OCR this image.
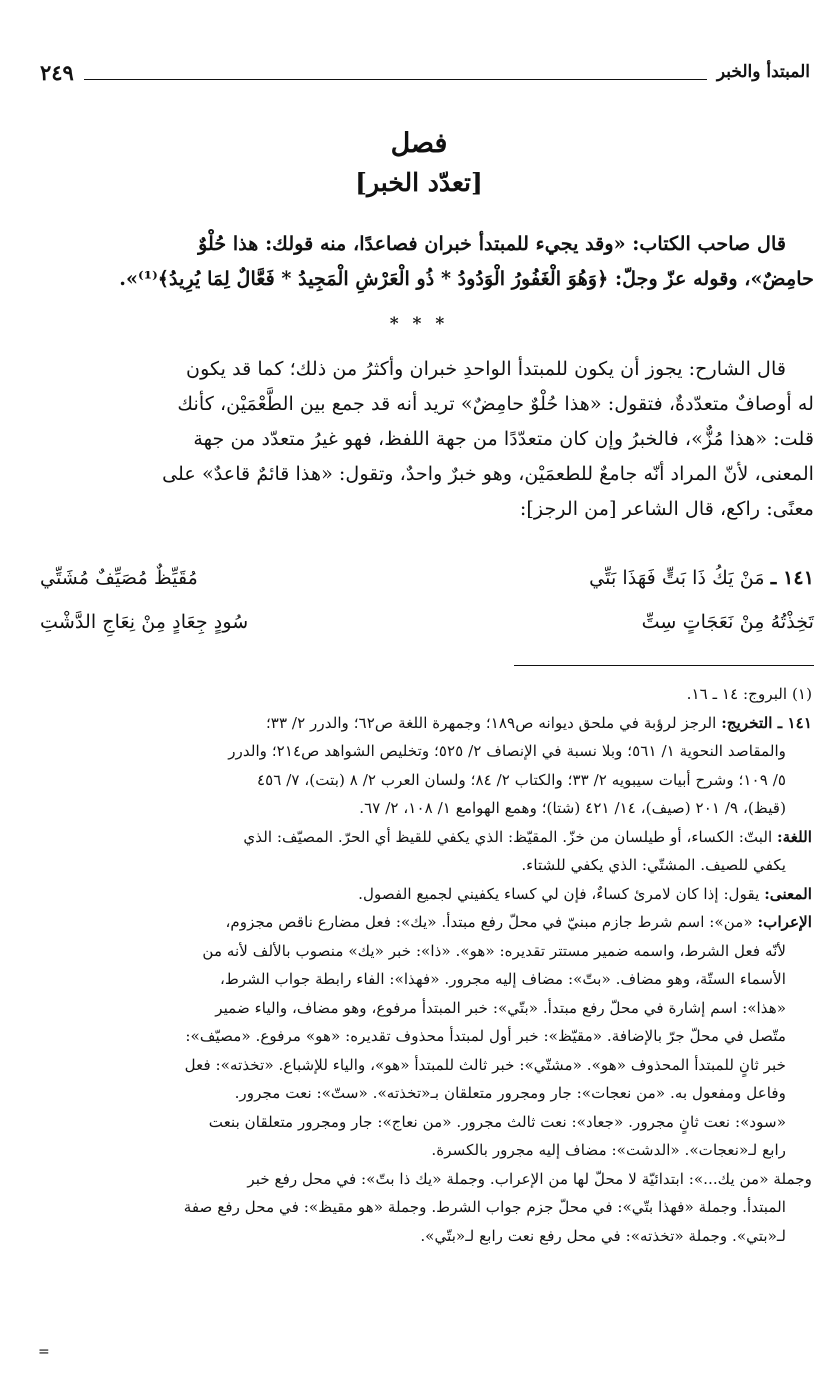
المبتدأ والخبر
٢٤٩
فصل
[تعدّد الخبر]

قال صاحب الكتاب: «وقد يجيء للمبتدأ خبران فصاعدًا، منه قولك: هذا حُلْوٌ
حامِضٌ»، وقوله عزّ وجلّ: ﴿وَهُوَ الْغَفُورُ الْوَدُودُ * ذُو الْعَرْشِ الْمَجِيدُ * فَعَّالٌ لِمَا يُرِيدُ﴾⁽¹⁾».

* * *

قال الشارح: يجوز أن يكون للمبتدأ الواحدِ خبران وأكثرُ من ذلك؛ كما قد يكون
له أوصافٌ متعدّدةٌ، فتقول: «هذا حُلْوٌ حامِضٌ» تريد أنه قد جمع بين الطَّعْمَيْن، كأنك
قلت: «هذا مُزٌّ»، فالخبرُ وإن كان متعدّدًا من جهة اللفظ، فهو غيرُ متعدّد من جهة
المعنى، لأنّ المراد أنّه جامعٌ للطعمَيْن، وهو خبرٌ واحدٌ، وتقول: «هذا قائمٌ قاعدٌ» على
معنًى: راكع، قال الشاعر [من الرجز]:

١٤١ ـ مَنْ يَكُ ذَا بَتٍّ فَهَذَا بَتِّي
مُقَيِّظٌ مُصَيِّفٌ مُشَتِّي
تَخِذْتُهُ مِنْ نَعَجَاتٍ سِتِّ
سُودٍ جِعَادٍ مِنْ نِعَاجِ الدَّشْتِ
(١) البروج: ١٤ ـ ١٦.
١٤١ ـ التخريج: الرجز لرؤبة في ملحق ديوانه ص١٨٩؛ وجمهرة اللغة ص٦٢؛ والدرر ٢/ ٣٣؛
والمقاصد النحوية ١/ ٥٦١؛ وبلا نسبة في الإنصاف ٢/ ٥٢٥؛ وتخليص الشواهد ص٢١٤؛ والدرر
٥/ ١٠٩؛ وشرح أبيات سيبويه ٢/ ٣٣؛ والكتاب ٢/ ٨٤؛ ولسان العرب ٢/ ٨ (بتت)، ٧/ ٤٥٦
(قيظ)، ٩/ ٢٠١ (صيف)، ١٤/ ٤٢١ (شتا)؛ وهمع الهوامع ١/ ١٠٨، ٢/ ٦٧.
اللغة: البتّ: الكساء، أو طيلسان من خزّ. المقيّظ: الذي يكفي للقيظ أي الحرّ. المصيّف: الذي
يكفي للصيف. المشتّي: الذي يكفي للشتاء.
المعنى: يقول: إذا كان لامرئ كساءٌ، فإن لي كساء يكفيني لجميع الفصول.
الإعراب: «من»: اسم شرط جازم مبنيّ في محلّ رفع مبتدأ. «يك»: فعل مضارع ناقص مجزوم،
لأنّه فعل الشرط، واسمه ضمير مستتر تقديره: «هو». «ذا»: خبر «يك» منصوب بالألف لأنه من
الأسماء الستّة، وهو مضاف. «بتّ»: مضاف إليه مجرور. «فهذا»: الفاء رابطة جواب الشرط،
«هذا»: اسم إشارة في محلّ رفع مبتدأ. «بتّي»: خبر المبتدأ مرفوع، وهو مضاف، والياء ضمير
متّصل في محلّ جرّ بالإضافة. «مقيّظ»: خبر أول لمبتدأ محذوف تقديره: «هو» مرفوع. «مصيّف»:
خبر ثانٍ للمبتدأ المحذوف «هو». «مشتّي»: خبر ثالث للمبتدأ «هو»، والياء للإشباع. «تخذته»: فعل
وفاعل ومفعول به. «من نعجات»: جار ومجرور متعلقان بـ«تخذته». «ستّ»: نعت مجرور.
«سود»: نعت ثانٍ مجرور. «جعاد»: نعت ثالث مجرور. «من نعاج»: جار ومجرور متعلقان بنعت
رابع لـ«نعجات». «الدشت»: مضاف إليه مجرور بالكسرة.
وجملة «من يك...»: ابتدائيّة لا محلّ لها من الإعراب. وجملة «يك ذا بتّ»: في محل رفع خبر
المبتدأ. وجملة «فهذا بتّي»: في محلّ جزم جواب الشرط. وجملة «هو مقيظ»: في محل رفع صفة
لـ«بتي». وجملة «تخذته»: في محل رفع نعت رابع لـ«بتّي».
=
